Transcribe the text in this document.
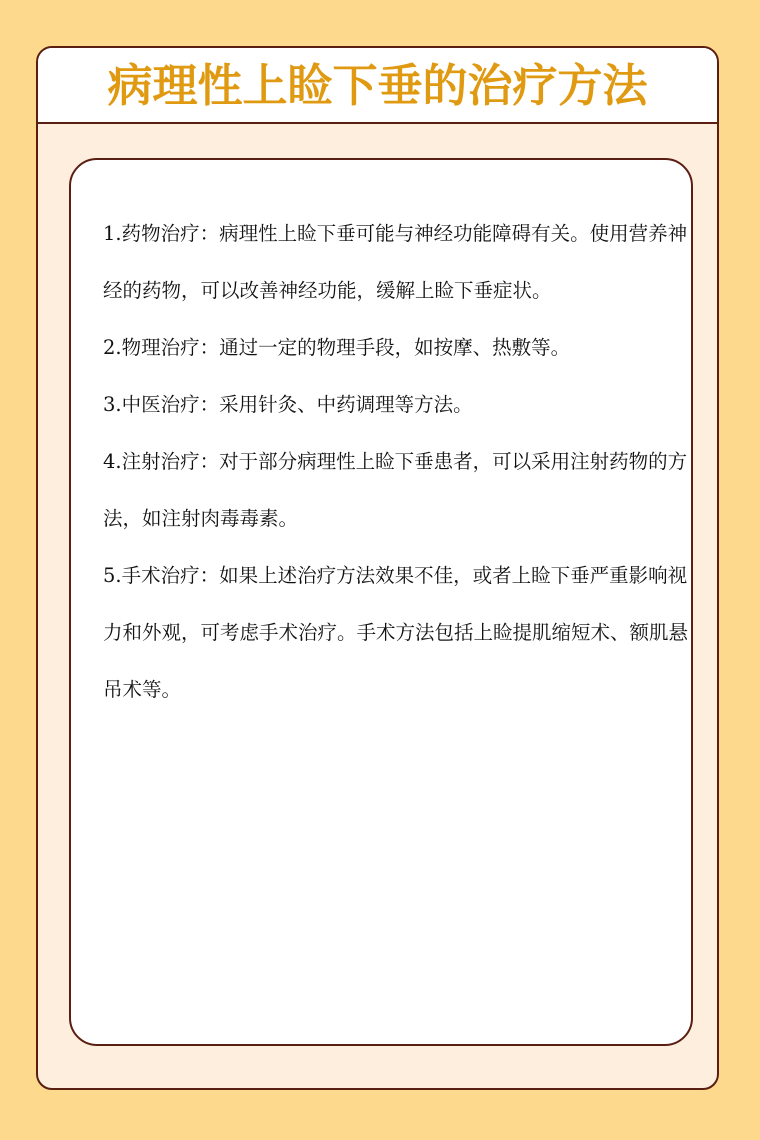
病理性上睑下垂的治疗方法

1.药物治疗：病理性上睑下垂可能与神经功能障碍有关。使用营养神经的药物，可以改善神经功能，缓解上睑下垂症状。

2.物理治疗：通过一定的物理手段，如按摩、热敷等。

3.中医治疗：采用针灸、中药调理等方法。

4.注射治疗：对于部分病理性上睑下垂患者，可以采用注射药物的方法，如注射肉毒毒素。

5.手术治疗：如果上述治疗方法效果不佳，或者上睑下垂严重影响视力和外观，可考虑手术治疗。手术方法包括上睑提肌缩短术、额肌悬吊术等。
